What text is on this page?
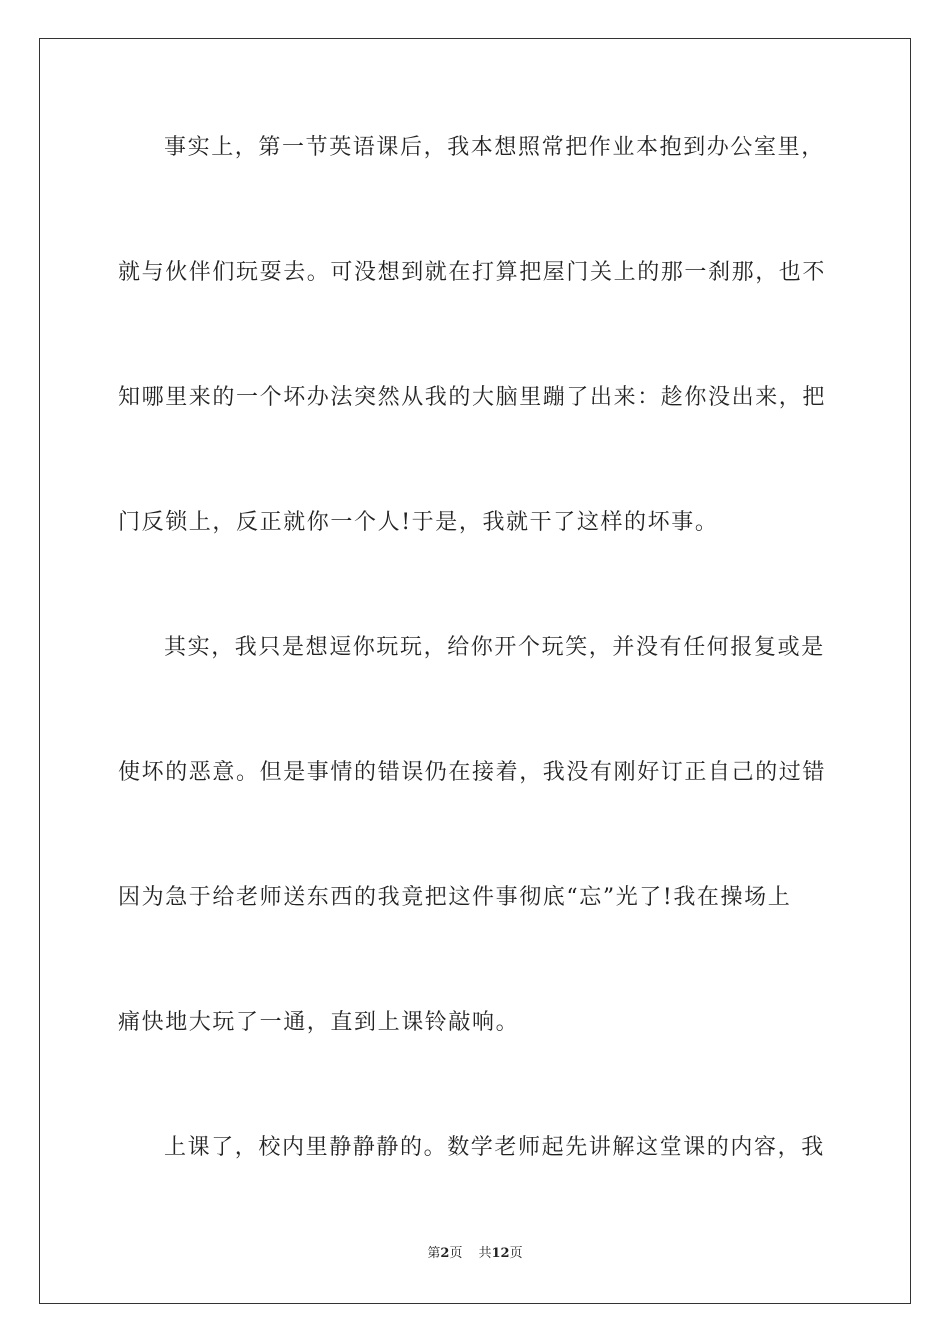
事实上，第一节英语课后，我本想照常把作业本抱到办公室里，
就与伙伴们玩耍去。可没想到就在打算把屋门关上的那一刹那，也不
知哪里来的一个坏办法突然从我的大脑里蹦了出来：趁你没出来，把
门反锁上，反正就你一个人!于是，我就干了这样的坏事。
其实，我只是想逗你玩玩，给你开个玩笑，并没有任何报复或是
使坏的恶意。但是事情的错误仍在接着，我没有刚好订正自己的过错
因为急于给老师送东西的我竟把这件事彻底“忘”光了!我在操场上
痛快地大玩了一通，直到上课铃敲响。
上课了，校内里静静静的。数学老师起先讲解这堂课的内容，我
第2页 共12页
